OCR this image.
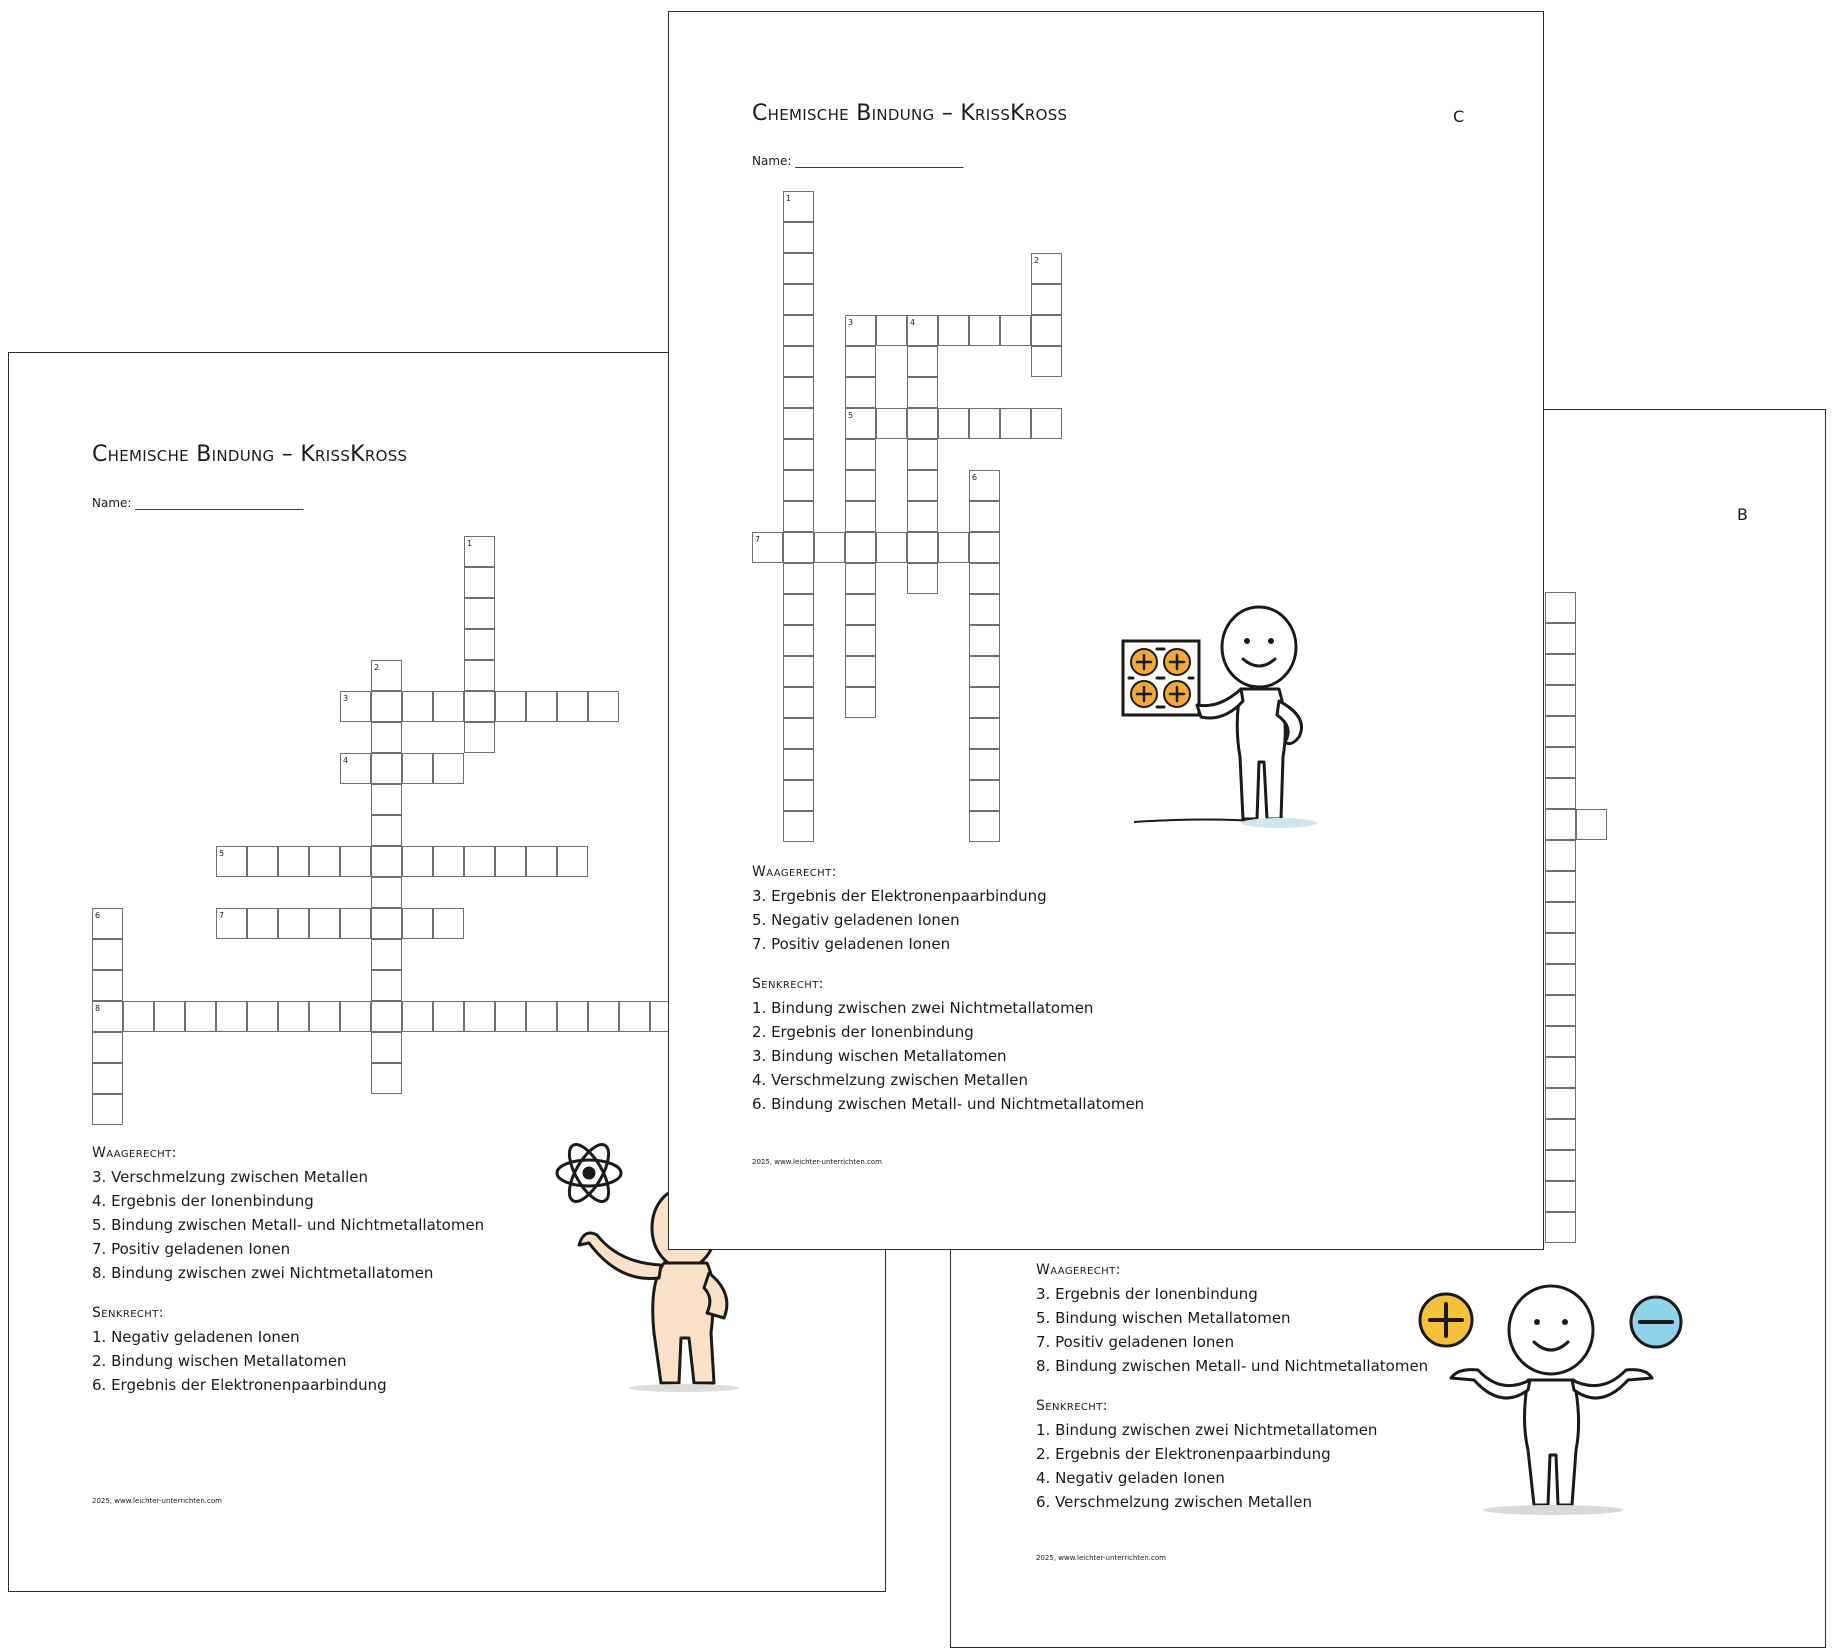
Chemische Bindung – KrissKross
Name: ____________________________
1
2
3
4
5
6	7
8
Waagerecht:
3. Verschmelzung zwischen Metallen
4. Ergebnis der Ionenbindung
5. Bindung zwischen Metall- und Nichtmetallatomen
7. Positiv geladenen Ionen
8. Bindung zwischen zwei Nichtmetallatomen
Senkrecht:
1. Negativ geladenen Ionen
2. Bindung wischen Metallatomen
6. Ergebnis der Elektronenpaarbindung
2025, www.leichter-unterrichten.com
B
Waagerecht:
3. Ergebnis der Ionenbindung
5. Bindung wischen Metallatomen
7. Positiv geladenen Ionen
8. Bindung zwischen Metall- und Nichtmetallatomen
Senkrecht:
1. Bindung zwischen zwei Nichtmetallatomen
2. Ergebnis der Elektronenpaarbindung
4. Negativ geladen Ionen
6. Verschmelzung zwischen Metallen
2025, www.leichter-unterrichten.com
Chemische Bindung – KrissKross	C
Name: ____________________________
1
2
3	4
5
6
7
Waagerecht:
3. Ergebnis der Elektronenpaarbindung
5. Negativ geladenen Ionen
7. Positiv geladenen Ionen
Senkrecht:
1. Bindung zwischen zwei Nichtmetallatomen
2. Ergebnis der Ionenbindung
3. Bindung wischen Metallatomen
4. Verschmelzung zwischen Metallen
6. Bindung zwischen Metall- und Nichtmetallatomen
2025, www.leichter-unterrichten.com
